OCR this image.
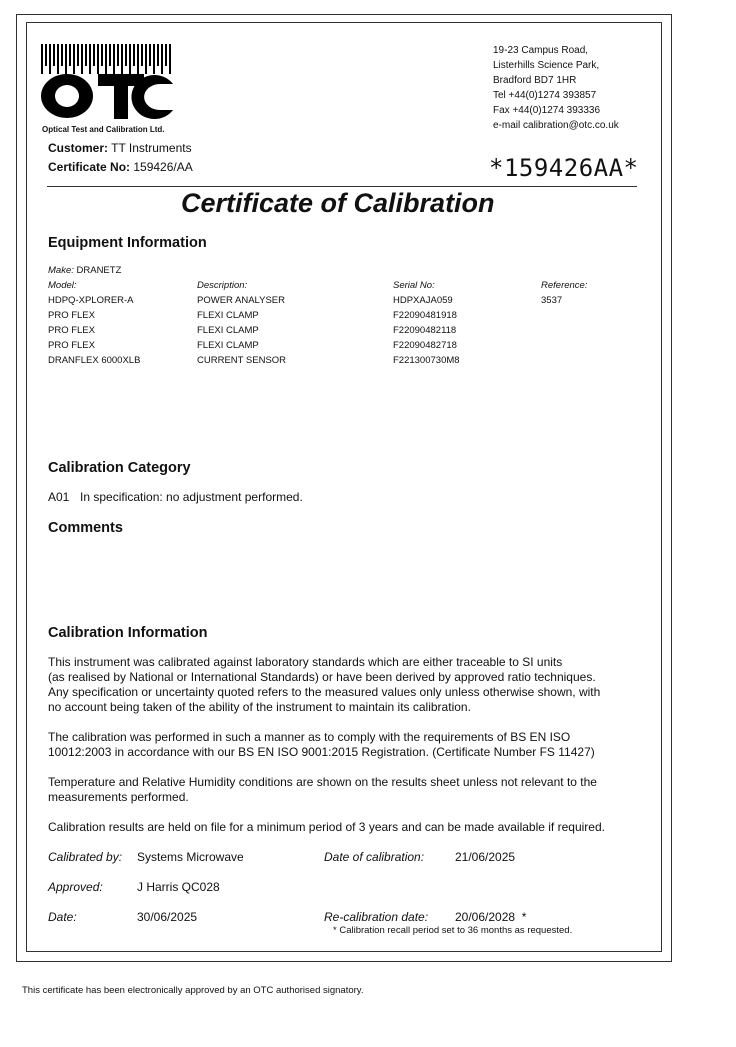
Optical Test and Calibration Ltd.
19-23 Campus Road,
Listerhills Science Park,
Bradford BD7 1HR
Tel +44(0)1274 393857
Fax +44(0)1274 393336
e-mail calibration@otc.co.uk
Customer: TT Instruments
Certificate No: 159426/AA	*159426AA*
Certificate of Calibration
Equipment Information
Make: DRANETZ
Model:	Description:	Serial No:	Reference:
HDPQ-XPLORER-A	POWER ANALYSER	HDPXAJA059	3537
PRO FLEX	FLEXI CLAMP	F22090481918
PRO FLEX	FLEXI CLAMP	F22090482118
PRO FLEX	FLEXI CLAMP	F22090482718
DRANFLEX 6000XLB	CURRENT SENSOR	F221300730M8
Calibration Category
A01 In specification: no adjustment performed.
Comments
Calibration Information
This instrument was calibrated against laboratory standards which are either traceable to SI units
(as realised by National or International Standards) or have been derived by approved ratio techniques.
Any specification or uncertainty quoted refers to the measured values only unless otherwise shown, with
no account being taken of the ability of the instrument to maintain its calibration.
The calibration was performed in such a manner as to comply with the requirements of BS EN ISO
10012:2003 in accordance with our BS EN ISO 9001:2015 Registration. (Certificate Number FS 11427)
Temperature and Relative Humidity conditions are shown on the results sheet unless not relevant to the
measurements performed.
Calibration results are held on file for a minimum period of 3 years and can be made available if required.
Calibrated by: Systems Microwave	Date of calibration:	21/06/2025
Approved:	J Harris QC028
Date:	30/06/2025	Re-calibration date: 20/06/2028  *
* Calibration recall period set to 36 months as requested.
This certificate has been electronically approved by an OTC authorised signatory.
